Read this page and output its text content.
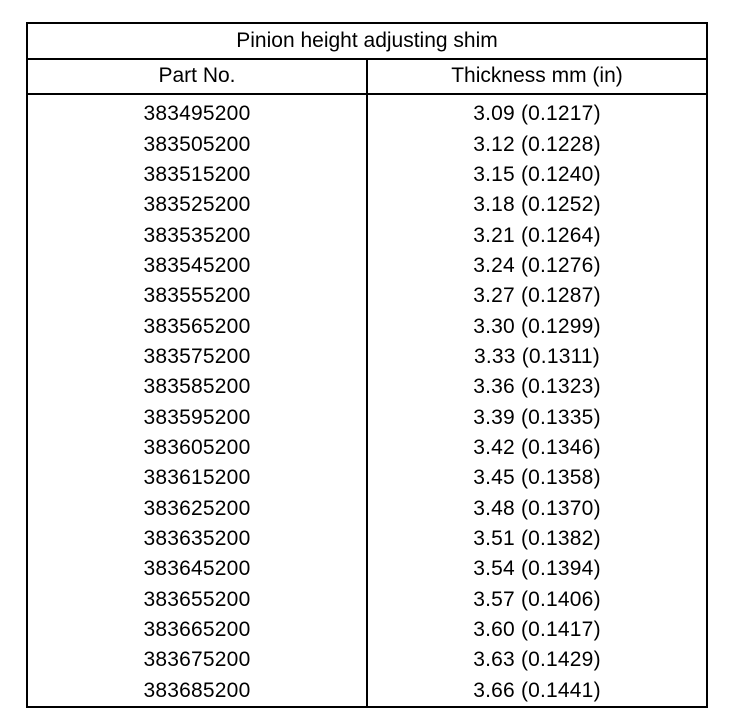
Pinion height adjusting shim
Part No.	Thickness mm (in)
383495200
383505200
383515200
383525200
383535200
383545200
383555200
383565200
383575200
383585200
383595200
383605200
383615200
383625200
383635200
383645200
383655200
383665200
383675200
383685200
3.09 (0.1217)
3.12 (0.1228)
3.15 (0.1240)
3.18 (0.1252)
3.21 (0.1264)
3.24 (0.1276)
3.27 (0.1287)
3.30 (0.1299)
3.33 (0.1311)
3.36 (0.1323)
3.39 (0.1335)
3.42 (0.1346)
3.45 (0.1358)
3.48 (0.1370)
3.51 (0.1382)
3.54 (0.1394)
3.57 (0.1406)
3.60 (0.1417)
3.63 (0.1429)
3.66 (0.1441)
